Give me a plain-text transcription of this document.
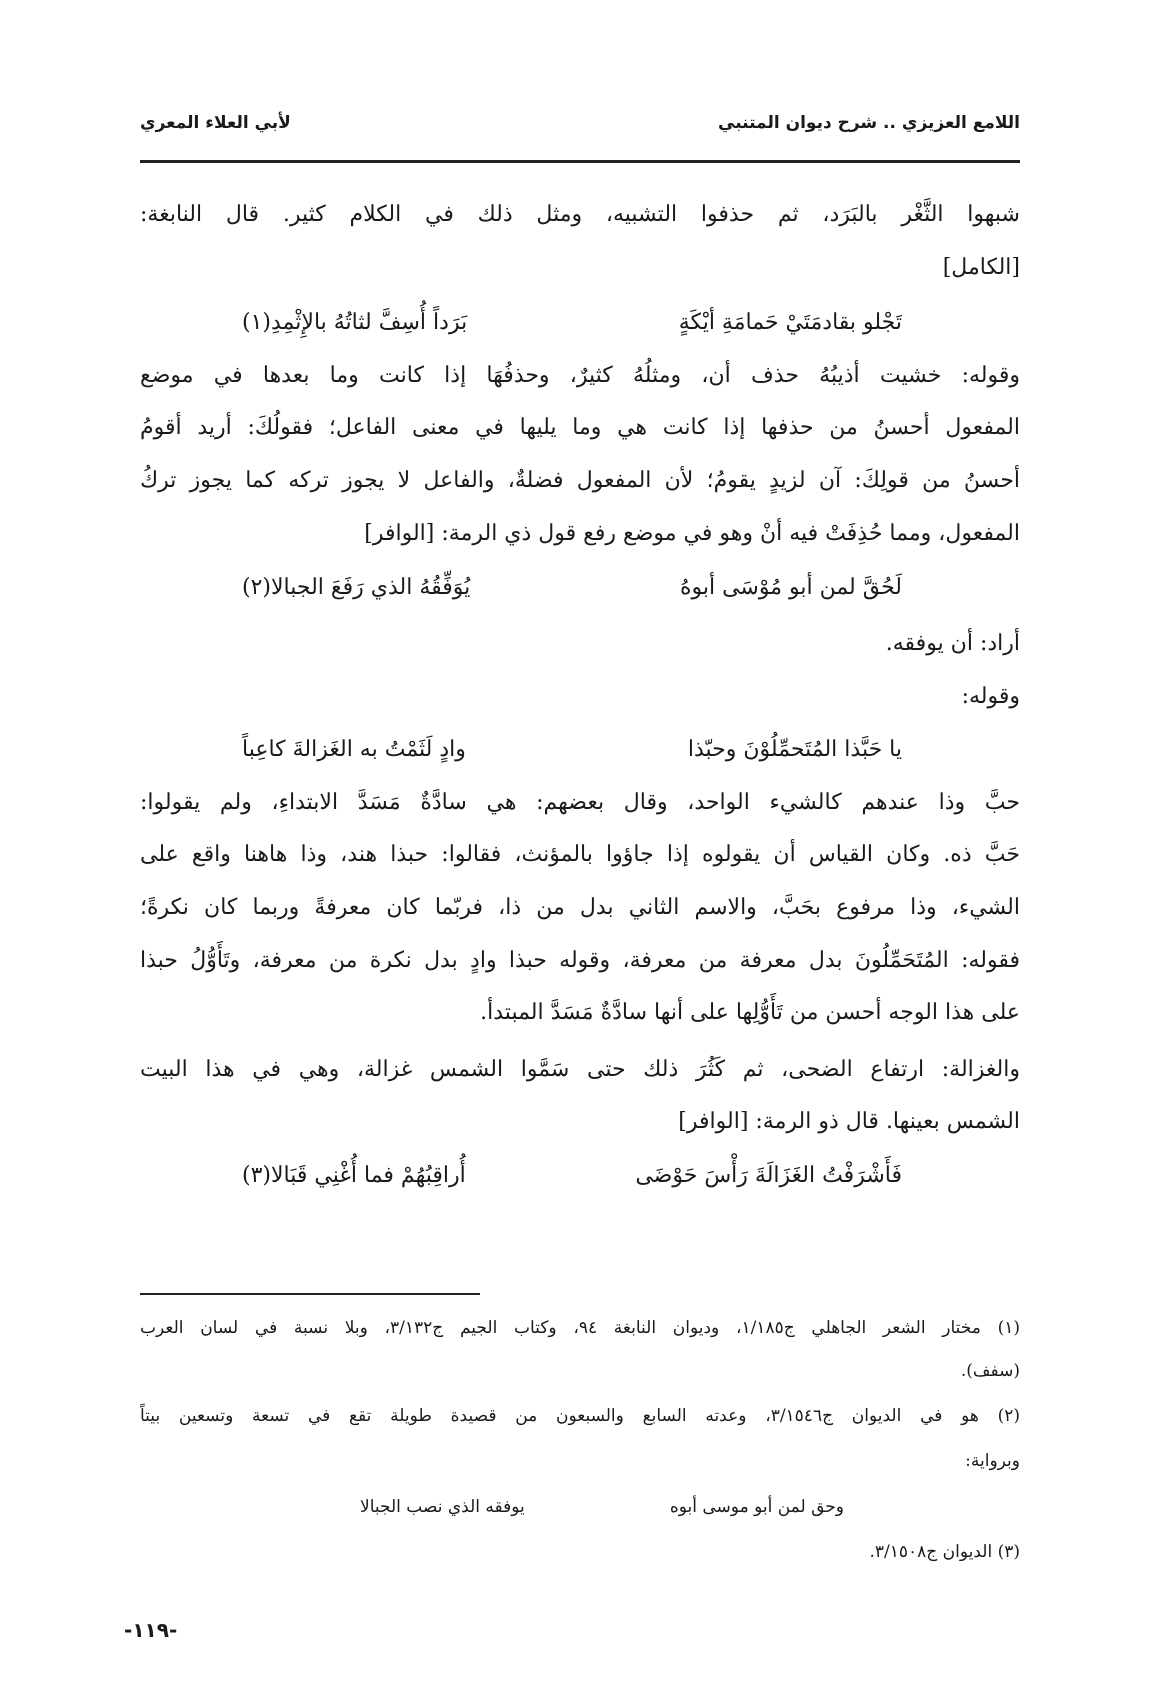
اللامع العزيزي .. شرح ديوان المتنبي
لأبي العلاء المعري
شبهوا الثَّغْر بالبَرَد، ثم حذفوا التشبيه، ومثل ذلك في الكلام كثير. قال النابغة:
[الكامل]
تَجْلو بقادمَتَيْ حَمامَةِ أيْكَةٍ
بَرَداً أُسِفَّ لثاتُهُ بالإِثْمِدِ(١)
وقوله: خشيت أذيبُهُ حذف أن، ومثلُهُ كثيرٌ، وحذفُهَا إذا كانت وما بعدها في موضع
المفعول أحسنُ من حذفها إذا كانت هي وما يليها في معنى الفاعل؛ فقولُكَ: أريد أقومُ
أحسنُ من قولِكَ: آن لزيدٍ يقومُ؛ لأن المفعول فضلةٌ، والفاعل لا يجوز تركه كما يجوز تركُ
المفعول، ومما حُذِفَتْ فيه أنْ وهو في موضع رفع قول ذي الرمة: [الوافر]
لَحُقَّ لمن أبو مُوْسَى أبوهُ
يُوَفِّقُهُ الذي رَفَعَ الجبالا(٢)
أراد: أن يوفقه.
وقوله:
يا حَبَّذا المُتَحمِّلُوْنَ وحبّذا
وادٍ لَثَمْتُ به الغَزالةَ كاعِباً
حبَّ وذا عندهم كالشيء الواحد، وقال بعضهم: هي سادَّةٌ مَسَدَّ الابتداءِ، ولم يقولوا:
حَبَّ ذه. وكان القياس أن يقولوه إذا جاؤوا بالمؤنث، فقالوا: حبذا هند، وذا هاهنا واقع على
الشيء، وذا مرفوع بحَبَّ، والاسم الثاني بدل من ذا، فربّما كان معرفةً وربما كان نكرةً؛
فقوله: المُتَحَمِّلُونَ بدل معرفة من معرفة، وقوله حبذا وادٍ بدل نكرة من معرفة، وتَأَوُّلُ حبذا
على هذا الوجه أحسن من تَأَوُّلِها على أنها سادَّةٌ مَسَدَّ المبتدأ.
والغزالة: ارتفاع الضحى، ثم كَثُرَ ذلك حتى سَمَّوا الشمس غزالة، وهي في هذا البيت
الشمس بعينها. قال ذو الرمة: [الوافر]
فَأَشْرَفْتُ الغَزَالَةَ رَأْسَ حَوْضَى
أُراقِبُهُمْ فما أُغْنِي قَبَالا(٣)
(١) مختار الشعر الجاهلي ج١/١٨٥، وديوان النابغة ٩٤، وكتاب الجيم ج٣/١٣٢، وبلا نسبة في لسان العرب
(سفف).
(٢) هو في الديوان ج٣/١٥٤٦، وعدته السابع والسبعون من قصيدة طويلة تقع في تسعة وتسعين بيتاً
وبرواية:
وحق لمن أبو موسى أبوه
يوفقه الذي نصب الجبالا
(٣) الديوان ج٣/١٥٠٨.
-١١٩-
